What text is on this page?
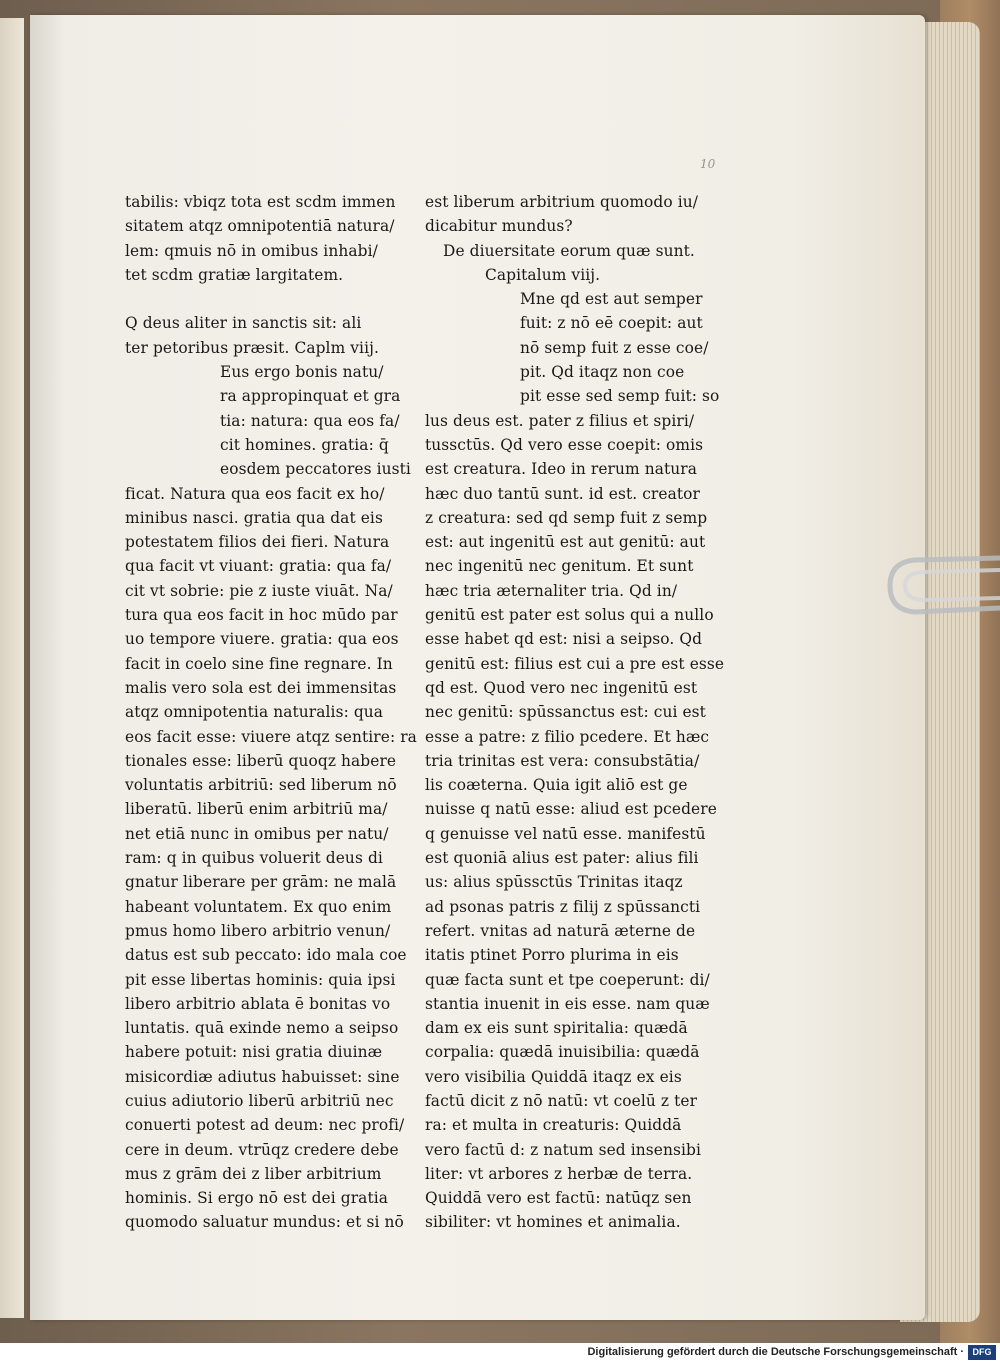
10
tabilis: vbiqz tota est scdm immen
sitatem atqz omnipotentiā natura/
lem: qmuis nō in omibus inhabi/
tet scdm gratiæ largitatem.
Q deus aliter in sanctis sit: ali
ter petoribus præsit. Caplm viij.
Eus ergo bonis natu/
ra appropinquat et gra
tia: natura: qua eos fa/
cit homines. gratia: q̄
eosdem peccatores iusti
ficat. Natura qua eos facit ex ho/
minibus nasci. gratia qua dat eis
potestatem filios dei fieri. Natura
qua facit vt viuant: gratia: qua fa/
cit vt sobrie: pie z iuste viuāt. Na/
tura qua eos facit in hoc mūdo par
uo tempore viuere. gratia: qua eos
facit in coelo sine fine regnare. In
malis vero sola est dei immensitas
atqz omnipotentia naturalis: qua
eos facit esse: viuere atqz sentire: ra
tionales esse: liberū quoqz habere
voluntatis arbitriū: sed liberum nō
liberatū. liberū enim arbitriū ma/
net etiā nunc in omibus per natu/
ram: q in quibus voluerit deus di
gnatur liberare per grām: ne malā
habeant voluntatem. Ex quo enim
pmus homo libero arbitrio venun/
datus est sub peccato: ido mala coe
pit esse libertas hominis: quia ipsi
libero arbitrio ablata ē bonitas vo
luntatis. quā exinde nemo a seipso
habere potuit: nisi gratia diuinæ
misicordiæ adiutus habuisset: sine
cuius adiutorio liberū arbitriū nec
conuerti potest ad deum: nec profi/
cere in deum. vtrūqz credere debe
mus z grām dei z liber arbitrium
hominis. Si ergo nō est dei gratia
quomodo saluatur mundus: et si nō
est liberum arbitrium quomodo iu/
dicabitur mundus?
De diuersitate eorum quæ sunt.
Capitalum viij.
Mne qd est aut semper
fuit: z nō eē coepit: aut
nō semp fuit z esse coe/
pit. Qd itaqz non coe
pit esse sed semp fuit: so
lus deus est. pater z filius et spiri/
tussctūs. Qd vero esse coepit: omis
est creatura. Ideo in rerum natura
hæc duo tantū sunt. id est. creator
z creatura: sed qd semp fuit z semp
est: aut ingenitū est aut genitū: aut
nec ingenitū nec genitum. Et sunt
hæc tria æternaliter tria. Qd in/
genitū est pater est solus qui a nullo
esse habet qd est: nisi a seipso. Qd
genitū est: filius est cui a pre est esse
qd est. Quod vero nec ingenitū est
nec genitū: spūssanctus est: cui est
esse a patre: z filio pcedere. Et hæc
tria trinitas est vera: consubstātia/
lis coæterna. Quia igit aliō est ge
nuisse q natū esse: aliud est pcedere
q genuisse vel natū esse. manifestū
est quoniā alius est pater: alius fili
us: alius spūssctūs Trinitas itaqz
ad psonas patris z filij z spūssancti
refert. vnitas ad naturā æterne de
itatis ptinet Porro plurima in eis
quæ facta sunt et tpe coeperunt: di/
stantia inuenit in eis esse. nam quæ
dam ex eis sunt spiritalia: quædā
corpalia: quædā inuisibilia: quædā
vero visibilia Quiddā itaqz ex eis
factū dicit z nō natū: vt coelū z ter
ra: et multa in creaturis: Quiddā
vero factū d: z natum sed insensibi
liter: vt arbores z herbæ de terra.
Quiddā vero est factū: natūqz sen
sibiliter: vt homines et animalia.
Digitalisierung gefördert durch die Deutsche Forschungsgemeinschaft · DFG
